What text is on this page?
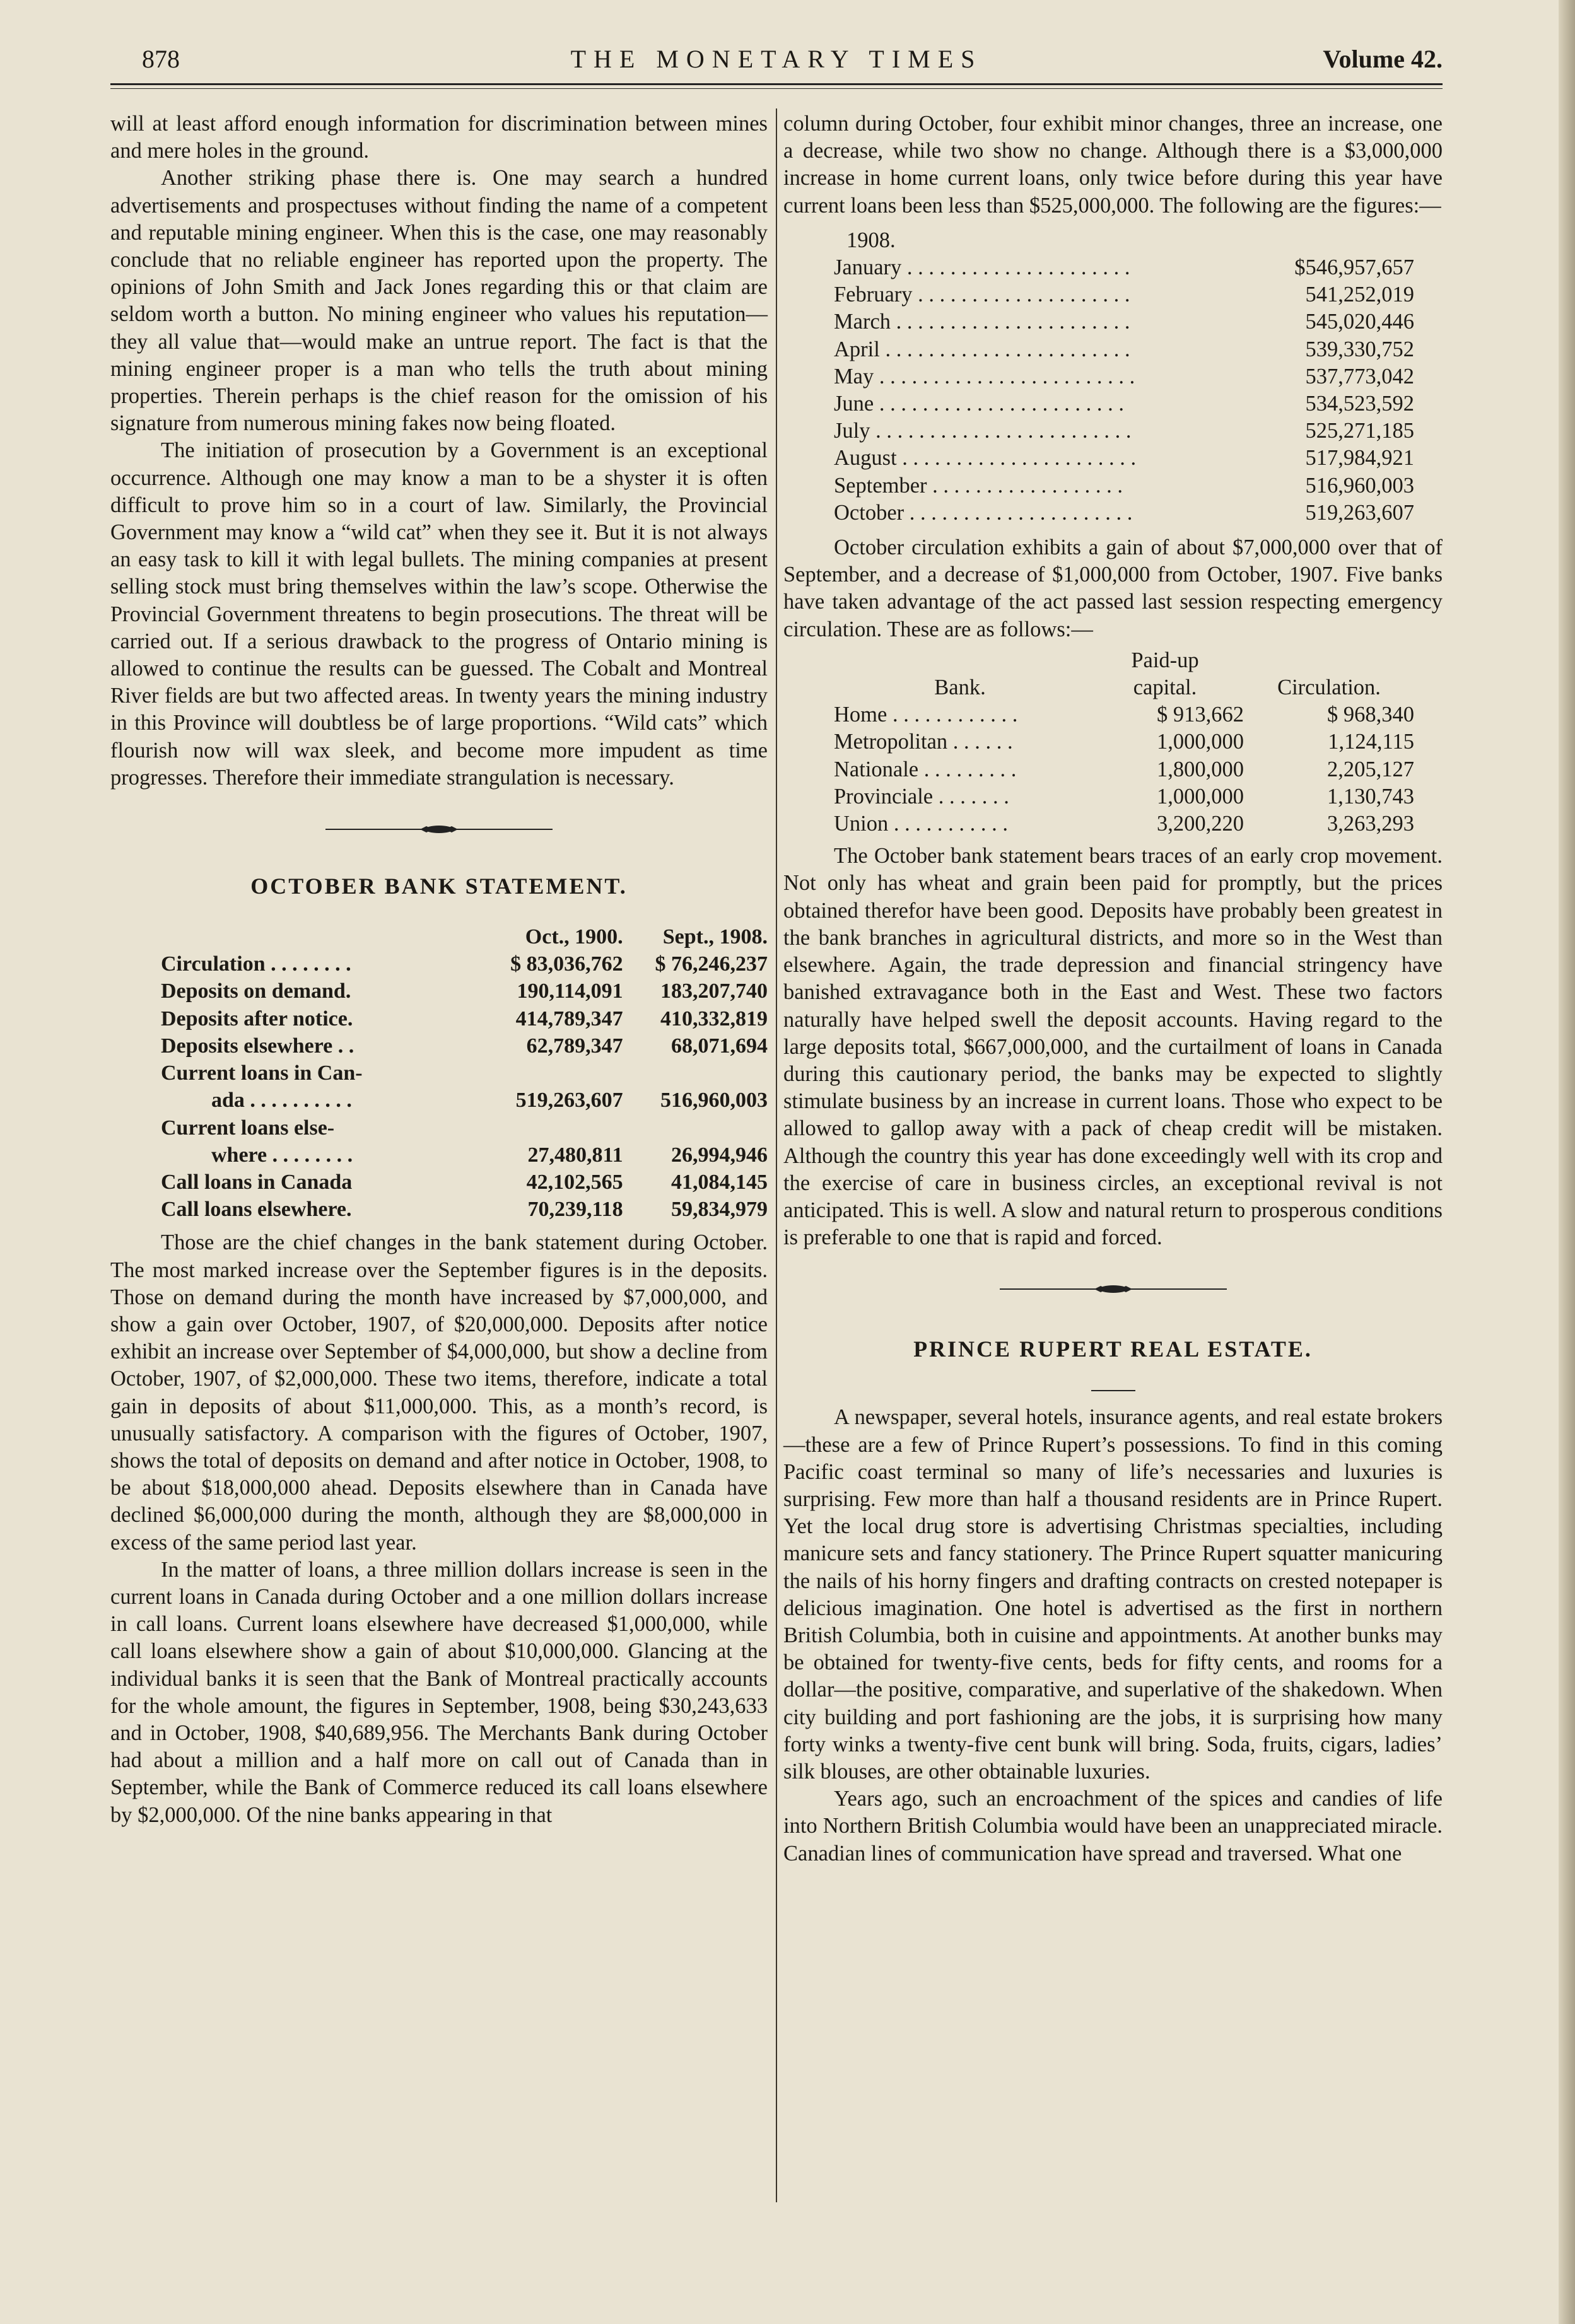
878	THE MONETARY TIMES	Volume 42.

will at least afford enough information for discrimination between mines and mere holes in the ground.

Another striking phase there is. One may search a hundred advertisements and prospectuses without finding the name of a competent and reputable mining engineer. When this is the case, one may reasonably conclude that no reliable engineer has reported upon the property. The opinions of John Smith and Jack Jones regarding this or that claim are seldom worth a button. No mining engineer who values his reputation—they all value that—would make an untrue report. The fact is that the mining engineer proper is a man who tells the truth about mining properties. Therein perhaps is the chief reason for the omission of his signature from numerous mining fakes now being floated.

The initiation of prosecution by a Government is an exceptional occurrence. Although one may know a man to be a shyster it is often difficult to prove him so in a court of law. Similarly, the Provincial Government may know a “wild cat” when they see it. But it is not always an easy task to kill it with legal bullets. The mining companies at present selling stock must bring themselves within the law’s scope. Otherwise the Provincial Government threatens to begin prosecutions. The threat will be carried out. If a serious drawback to the progress of Ontario mining is allowed to continue the results can be guessed. The Cobalt and Montreal River fields are but two affected areas. In twenty years the mining industry in this Province will doubtless be of large proportions. “Wild cats” which flourish now will wax sleek, and become more impudent as time progresses. Therefore their immediate strangulation is necessary.

OCTOBER BANK STATEMENT.
	Oct., 1900.	Sept., 1908.
Circulation . . . . . . . .	$ 83,036,762	$ 76,246,237
Deposits on demand.	190,114,091	183,207,740
Deposits after notice.	414,789,347	410,332,819
Deposits elsewhere . .	62,789,347	68,071,694
Current loans in Can-		
ada . . . . . . . . . .	519,263,607	516,960,003
Current loans else-		
where . . . . . . . .	27,480,811	26,994,946
Call loans in Canada	42,102,565	41,084,145
Call loans elsewhere.	70,239,118	59,834,979

Those are the chief changes in the bank statement during October. The most marked increase over the September figures is in the deposits. Those on demand during the month have increased by $7,000,000, and show a gain over October, 1907, of $20,000,000. Deposits after notice exhibit an increase over September of $4,000,000, but show a decline from October, 1907, of $2,000,000. These two items, therefore, indicate a total gain in deposits of about $11,000,000. This, as a month’s record, is unusually satisfactory. A comparison with the figures of October, 1907, shows the total of deposits on demand and after notice in October, 1908, to be about $18,000,000 ahead. Deposits elsewhere than in Canada have declined $6,000,000 during the month, although they are $8,000,000 in excess of the same period last year.

In the matter of loans, a three million dollars increase is seen in the current loans in Canada during October and a one million dollars increase in call loans. Current loans elsewhere have decreased $1,000,000, while call loans elsewhere show a gain of about $10,000,000. Glancing at the individual banks it is seen that the Bank of Montreal practically accounts for the whole amount, the figures in September, 1908, being $30,243,633 and in October, 1908, $40,689,956. The Merchants Bank during October had about a million and a half more on call out of Canada than in September, while the Bank of Commerce reduced its call loans elsewhere by $2,000,000. Of the nine banks appearing in that

column during October, four exhibit minor changes, three an increase, one a decrease, while two show no change. Although there is a $3,000,000 increase in home current loans, only twice before during this year have current loans been less than $525,000,000. The following are the figures:—

1908.	
January . . . . . . . . . . . . . . . . . . . . .	$546,957,657
February . . . . . . . . . . . . . . . . . . . .	541,252,019
March . . . . . . . . . . . . . . . . . . . . . .	545,020,446
April . . . . . . . . . . . . . . . . . . . . . . .	539,330,752
May . . . . . . . . . . . . . . . . . . . . . . . .	537,773,042
June . . . . . . . . . . . . . . . . . . . . . . .	534,523,592
July . . . . . . . . . . . . . . . . . . . . . . . .	525,271,185
August . . . . . . . . . . . . . . . . . . . . . .	517,984,921
September . . . . . . . . . . . . . . . . . .	516,960,003
October . . . . . . . . . . . . . . . . . . . . .	519,263,607

October circulation exhibits a gain of about $7,000,000 over that of September, and a decrease of $1,000,000 from October, 1907. Five banks have taken advantage of the act passed last session respecting emergency circulation. These are as follows:—

	Paid-up	
Bank.	capital.	Circulation.
Home . . . . . . . . . . . .	$ 913,662	$ 968,340
Metropolitan . . . . . .	1,000,000	1,124,115
Nationale . . . . . . . . .	1,800,000	2,205,127
Provinciale . . . . . . .	1,000,000	1,130,743
Union . . . . . . . . . . .	3,200,220	3,263,293

The October bank statement bears traces of an early crop movement. Not only has wheat and grain been paid for promptly, but the prices obtained therefor have been good. Deposits have probably been greatest in the bank branches in agricultural districts, and more so in the West than elsewhere. Again, the trade depression and financial stringency have banished extravagance both in the East and West. These two factors naturally have helped swell the deposit accounts. Having regard to the large deposits total, $667,000,000, and the curtailment of loans in Canada during this cautionary period, the banks may be expected to slightly stimulate business by an increase in current loans. Those who expect to be allowed to gallop away with a pack of cheap credit will be mistaken. Although the country this year has done exceedingly well with its crop and the exercise of care in business circles, an exceptional revival is not anticipated. This is well. A slow and natural return to prosperous conditions is preferable to one that is rapid and forced.

PRINCE RUPERT REAL ESTATE.

A newspaper, several hotels, insurance agents, and real estate brokers—these are a few of Prince Rupert’s possessions. To find in this coming Pacific coast terminal so many of life’s necessaries and luxuries is surprising. Few more than half a thousand residents are in Prince Rupert. Yet the local drug store is advertising Christmas specialties, including manicure sets and fancy stationery. The Prince Rupert squatter manicuring the nails of his horny fingers and drafting contracts on crested notepaper is delicious imagination. One hotel is advertised as the first in northern British Columbia, both in cuisine and appointments. At another bunks may be obtained for twenty-five cents, beds for fifty cents, and rooms for a dollar—the positive, comparative, and superlative of the shakedown. When city building and port fashioning are the jobs, it is surprising how many forty winks a twenty-five cent bunk will bring. Soda, fruits, cigars, ladies’ silk blouses, are other obtainable luxuries.

Years ago, such an encroachment of the spices and candies of life into Northern British Columbia would have been an unappreciated miracle. Canadian lines of communication have spread and traversed. What one
